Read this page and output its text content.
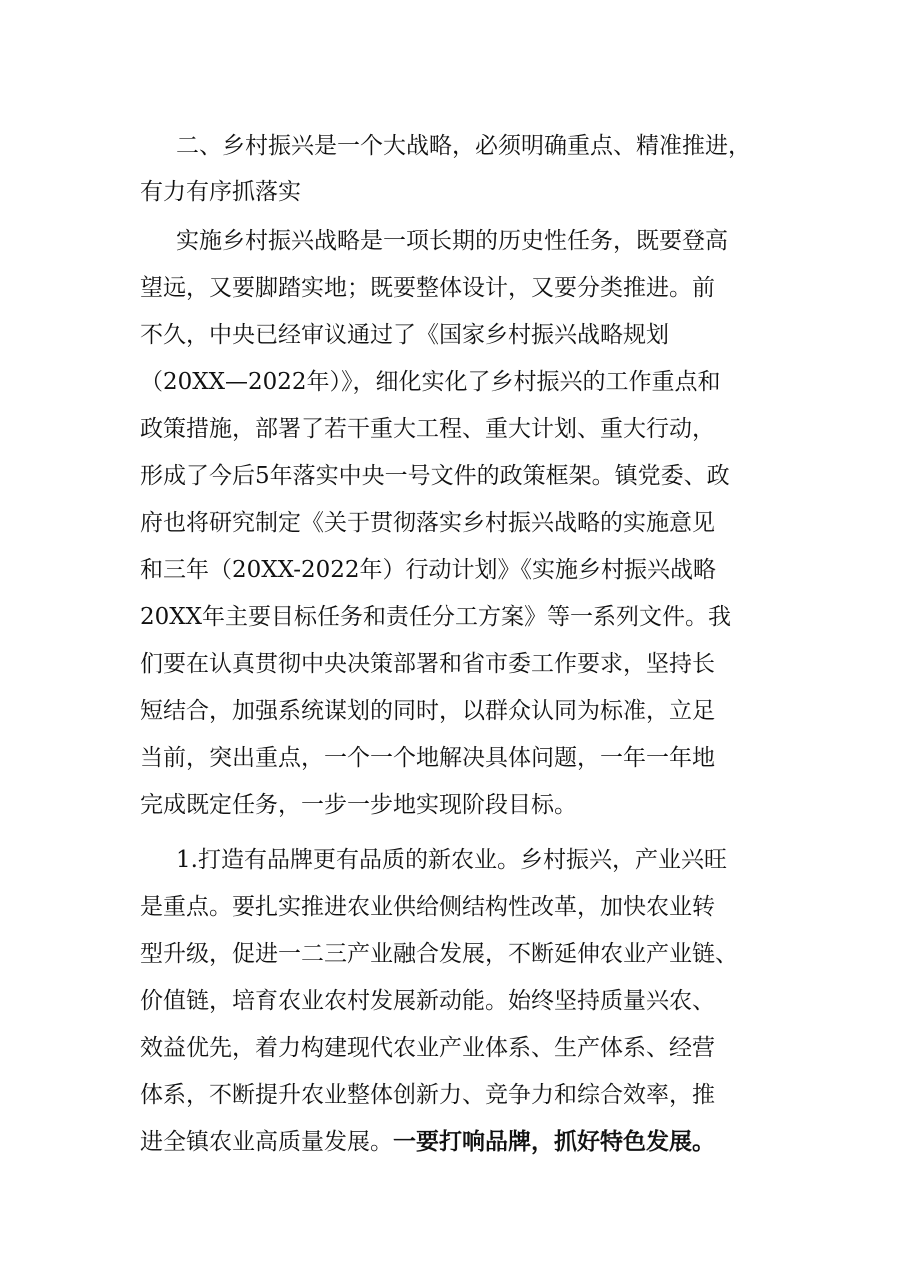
二、乡村振兴是一个大战略，必须明确重点、精准推进，
有力有序抓落实
实施乡村振兴战略是一项长期的历史性任务，既要登高
望远，又要脚踏实地；既要整体设计，又要分类推进。前
不久，中央已经审议通过了《国家乡村振兴战略规划
（20XX—2022年）》，细化实化了乡村振兴的工作重点和
政策措施，部署了若干重大工程、重大计划、重大行动，
形成了今后5年落实中央一号文件的政策框架。镇党委、政
府也将研究制定《关于贯彻落实乡村振兴战略的实施意见
和三年（20XX-2022年）行动计划》《实施乡村振兴战略
20XX年主要目标任务和责任分工方案》等一系列文件。我
们要在认真贯彻中央决策部署和省市委工作要求，坚持长
短结合，加强系统谋划的同时，以群众认同为标准，立足
当前，突出重点，一个一个地解决具体问题，一年一年地
完成既定任务，一步一步地实现阶段目标。
1.打造有品牌更有品质的新农业。乡村振兴，产业兴旺
是重点。要扎实推进农业供给侧结构性改革，加快农业转
型升级，促进一二三产业融合发展，不断延伸农业产业链、
价值链，培育农业农村发展新动能。始终坚持质量兴农、
效益优先，着力构建现代农业产业体系、生产体系、经营
体系，不断提升农业整体创新力、竞争力和综合效率，推
进全镇农业高质量发展。一要打响品牌，抓好特色发展。
